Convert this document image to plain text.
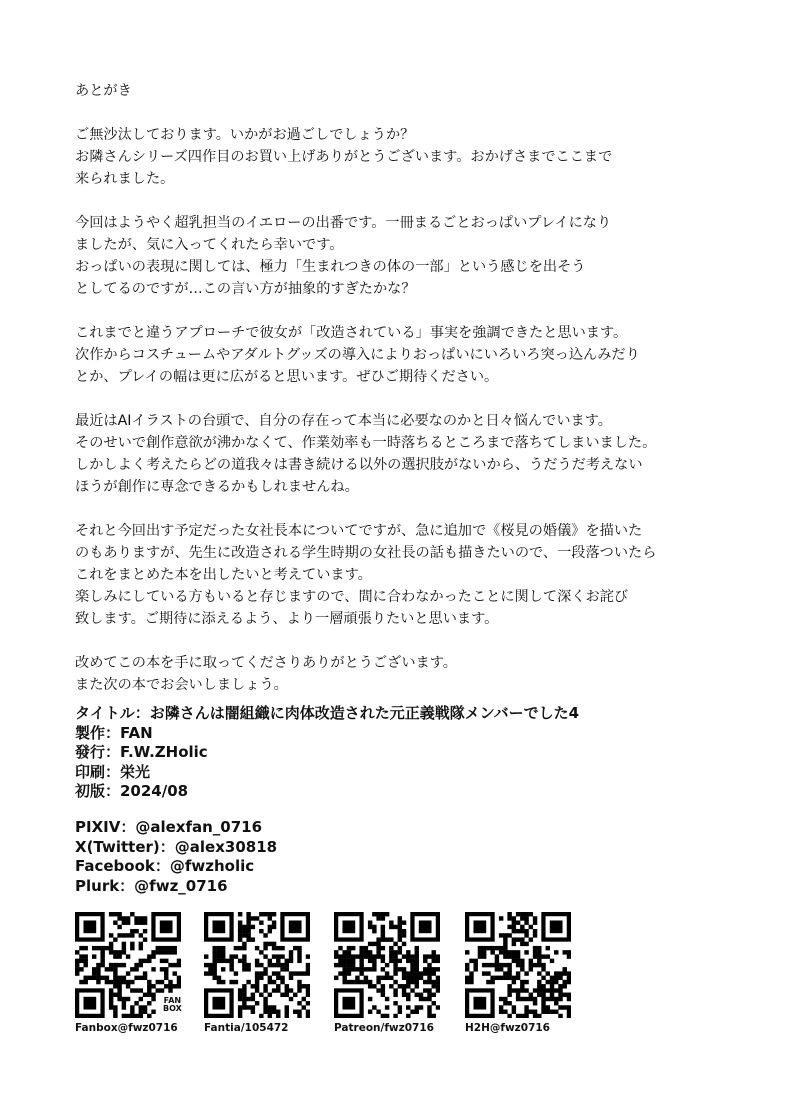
あとがき
ご無沙汰しております。いかがお過ごしでしょうか？
お隣さんシリーズ四作目のお買い上げありがとうございます。おかげさまでここまで
来られました。
今回はようやく超乳担当のイエローの出番です。一冊まるごとおっぱいプレイになり
ましたが、気に入ってくれたら幸いです。
おっぱいの表現に関しては、極力「生まれつきの体の一部」という感じを出そう
としてるのですが…この言い方が抽象的すぎたかな？
これまでと違うアプローチで彼女が「改造されている」事実を強調できたと思います。
次作からコスチュームやアダルトグッズの導入によりおっぱいにいろいろ突っ込んみだり
とか、プレイの幅は更に広がると思います。ぜひご期待ください。
最近はAIイラストの台頭で、自分の存在って本当に必要なのかと日々悩んでいます。
そのせいで創作意欲が沸かなくて、作業効率も一時落ちるところまで落ちてしまいました。
しかしよく考えたらどの道我々は書き続ける以外の選択肢がないから、うだうだ考えない
ほうが創作に専念できるかもしれませんね。
それと今回出す予定だった女社長本についてですが、急に追加で《桜見の婚儀》を描いた
のもありますが、先生に改造される学生時期の女社長の話も描きたいので、一段落ついたら
これをまとめた本を出したいと考えています。
楽しみにしている方もいると存じますので、間に合わなかったことに関して深くお詫び
致します。ご期待に添えるよう、より一層頑張りたいと思います。
改めてこの本を手に取ってくださりありがとうございます。
また次の本でお会いしましょう。
タイトル：お隣さんは闇組織に肉体改造された元正義戦隊メンバーでした4
製作：FAN
發行：F.W.ZHolic
印刷：栄光
初版：2024/08
PIXIV：@alexfan_0716
X(Twitter)：@alex30818
Facebook：@fwzholic
Plurk：@fwz_0716
Fanbox@fwz0716
FAN
BOX
Fantia/105472	Patreon/fwz0716	H2H@fwz0716
